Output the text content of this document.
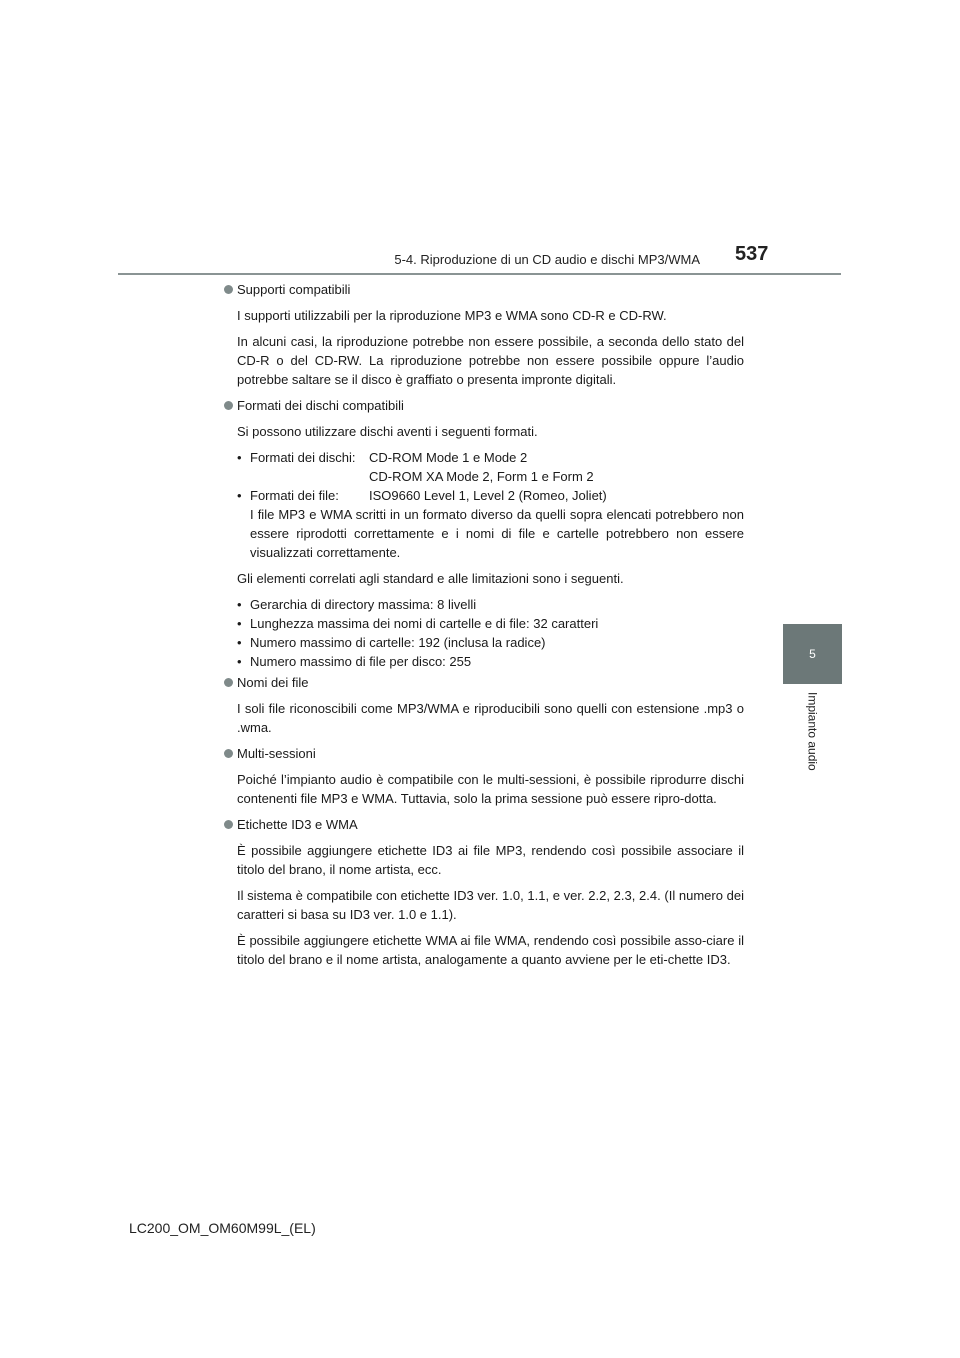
5-4. Riproduzione di un CD audio e dischi MP3/WMA 537
5
Impianto audio
Supporti compatibili

I supporti utilizzabili per la riproduzione MP3 e WMA sono CD-R e CD-RW.

In alcuni casi, la riproduzione potrebbe non essere possibile, a seconda dello stato del CD-R o del CD-RW. La riproduzione potrebbe non essere possibile oppure l’audio potrebbe saltare se il disco è graffiato o presenta impronte digitali.

Formati dei dischi compatibili

Si possono utilizzare dischi aventi i seguenti formati.

• Formati dei dischi:	CD-ROM Mode 1 e Mode 2
CD-ROM XA Mode 2, Form 1 e Form 2
• Formati dei file:	ISO9660 Level 1, Level 2 (Romeo, Joliet)
I file MP3 e WMA scritti in un formato diverso da quelli sopra elencati potrebbero non essere riprodotti correttamente e i nomi di file e cartelle potrebbero non essere visualizzati correttamente.

Gli elementi correlati agli standard e alle limitazioni sono i seguenti.

• Gerarchia di directory massima: 8 livelli
• Lunghezza massima dei nomi di cartelle e di file: 32 caratteri
• Numero massimo di cartelle: 192 (inclusa la radice)
• Numero massimo di file per disco: 255
Nomi dei file

I soli file riconoscibili come MP3/WMA e riproducibili sono quelli con estensione .mp3 o .wma.

Multi-sessioni

Poiché l’impianto audio è compatibile con le multi-sessioni, è possibile riprodurre dischi contenenti file MP3 e WMA. Tuttavia, solo la prima sessione può essere ripro-dotta.

Etichette ID3 e WMA

È possibile aggiungere etichette ID3 ai file MP3, rendendo così possibile associare il titolo del brano, il nome artista, ecc.

Il sistema è compatibile con etichette ID3 ver. 1.0, 1.1, e ver. 2.2, 2.3, 2.4. (Il numero dei caratteri si basa su ID3 ver. 1.0 e 1.1).

È possibile aggiungere etichette WMA ai file WMA, rendendo così possibile asso-ciare il titolo del brano e il nome artista, analogamente a quanto avviene per le eti-chette ID3.

LC200_OM_OM60M99L_(EL)
